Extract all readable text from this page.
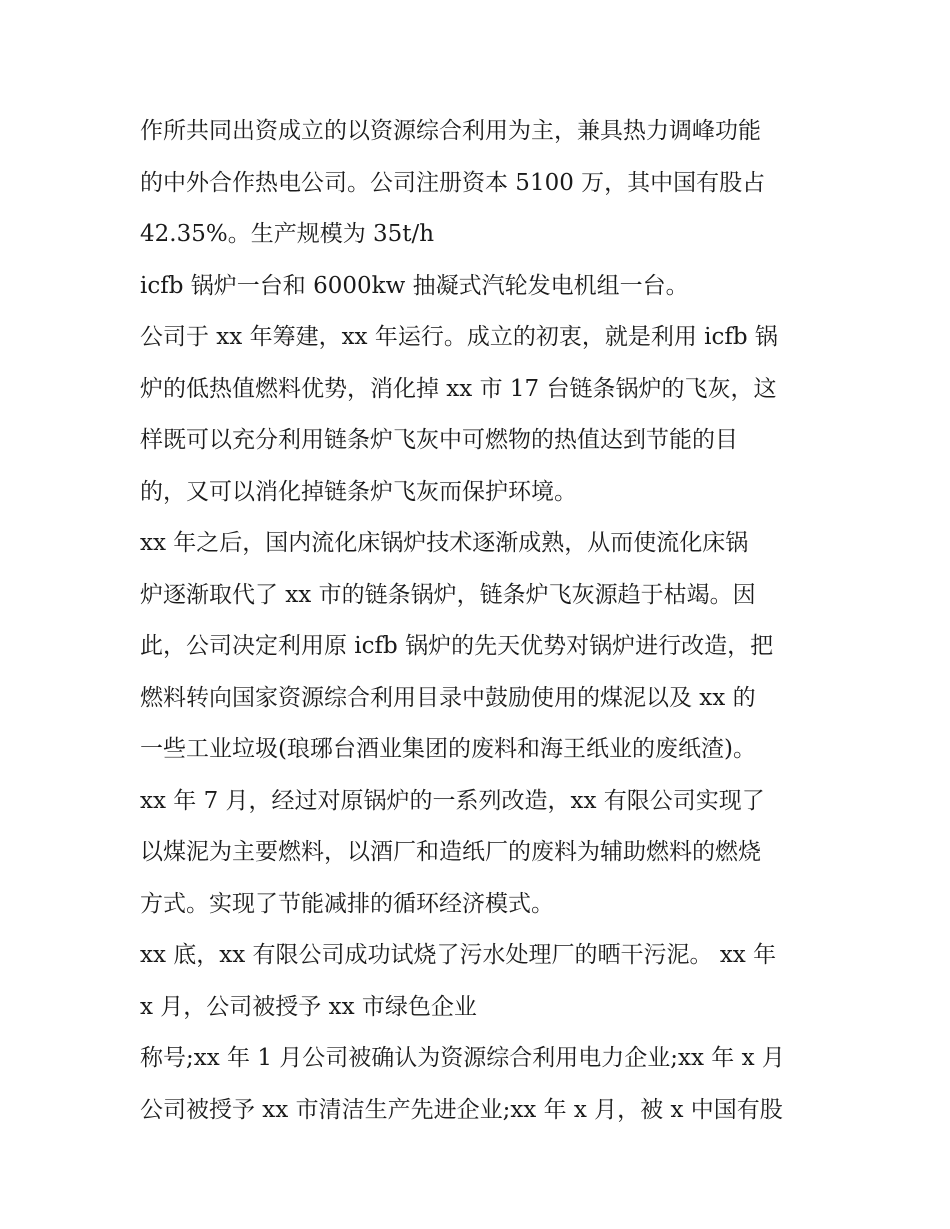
作所共同出资成立的以资源综合利用为主，兼具热力调峰功能
的中外合作热电公司。公司注册资本 5100 万，其中国有股占
42.35%。生产规模为 35t/h
icfb 锅炉一台和 6000kw 抽凝式汽轮发电机组一台。
公司于 xx 年筹建，xx 年运行。成立的初衷，就是利用 icfb 锅
炉的低热值燃料优势，消化掉 xx 市 17 台链条锅炉的飞灰，这
样既可以充分利用链条炉飞灰中可燃物的热值达到节能的目
的，又可以消化掉链条炉飞灰而保护环境。
xx 年之后，国内流化床锅炉技术逐渐成熟，从而使流化床锅
炉逐渐取代了 xx 市的链条锅炉，链条炉飞灰源趋于枯竭。因
此，公司决定利用原 icfb 锅炉的先天优势对锅炉进行改造，把
燃料转向国家资源综合利用目录中鼓励使用的煤泥以及 xx 的
一些工业垃圾(琅琊台酒业集团的废料和海王纸业的废纸渣)。
xx 年 7 月，经过对原锅炉的一系列改造，xx 有限公司实现了
以煤泥为主要燃料，以酒厂和造纸厂的废料为辅助燃料的燃烧
方式。实现了节能减排的循环经济模式。
xx 底，xx 有限公司成功试烧了污水处理厂的晒干污泥。 xx 年
x 月，公司被授予 xx 市绿色企业
称号;xx 年 1 月公司被确认为资源综合利用电力企业;xx 年 x 月
公司被授予 xx 市清洁生产先进企业;xx 年 x 月，被 x 中国有股
